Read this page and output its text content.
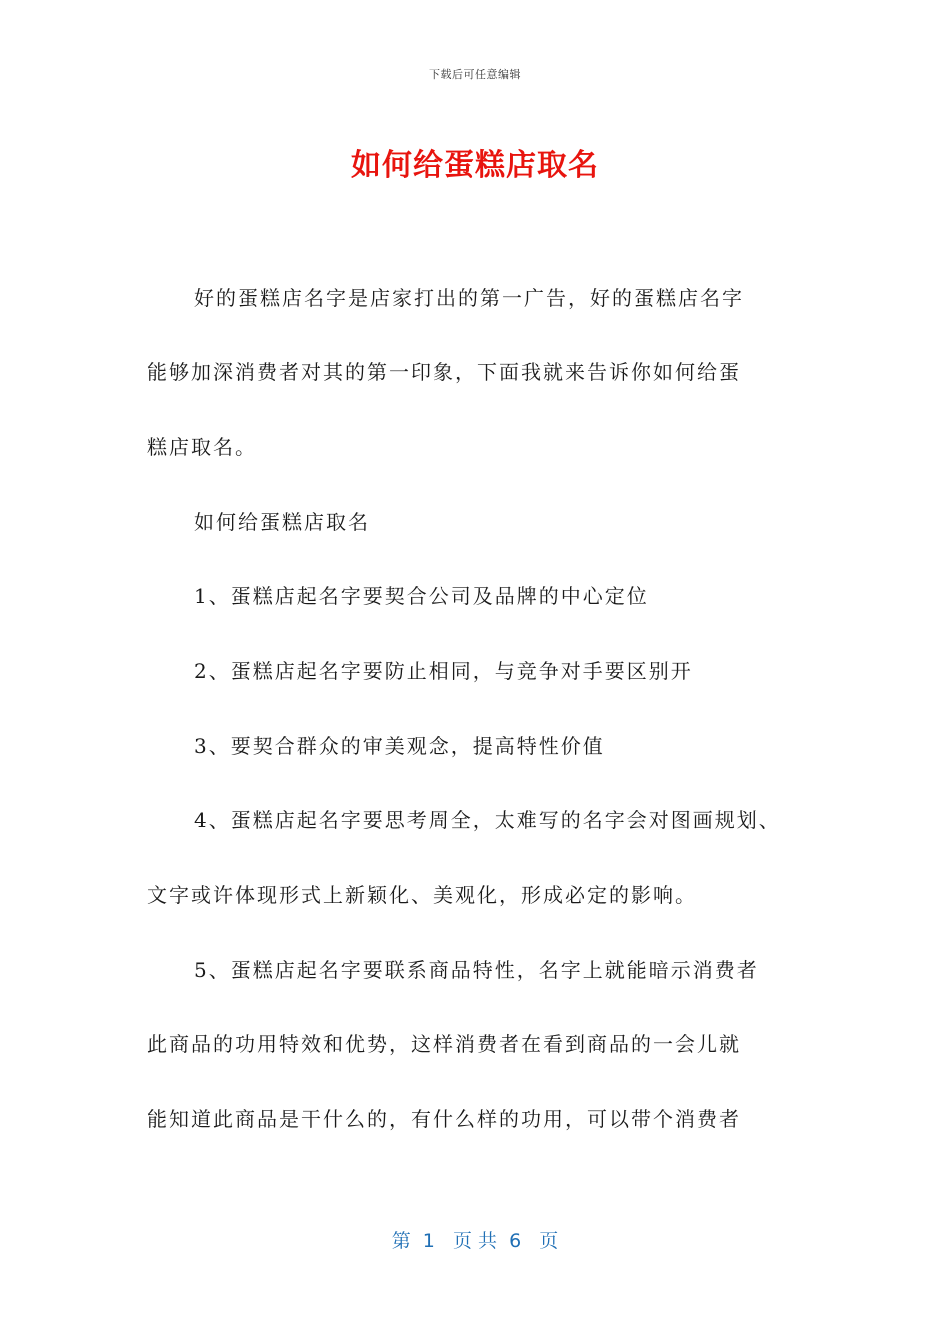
下载后可任意编辑
如何给蛋糕店取名
好的蛋糕店名字是店家打出的第一广告，好的蛋糕店名字
能够加深消费者对其的第一印象，下面我就来告诉你如何给蛋
糕店取名。
如何给蛋糕店取名
1、蛋糕店起名字要契合公司及品牌的中心定位
2、蛋糕店起名字要防止相同，与竞争对手要区别开
3、要契合群众的审美观念，提高特性价值
4、蛋糕店起名字要思考周全，太难写的名字会对图画规划、
文字或许体现形式上新颖化、美观化，形成必定的影响。
5、蛋糕店起名字要联系商品特性，名字上就能暗示消费者
此商品的功用特效和优势，这样消费者在看到商品的一会儿就
能知道此商品是干什么的，有什么样的功用，可以带个消费者
第  1   页 共  6   页
